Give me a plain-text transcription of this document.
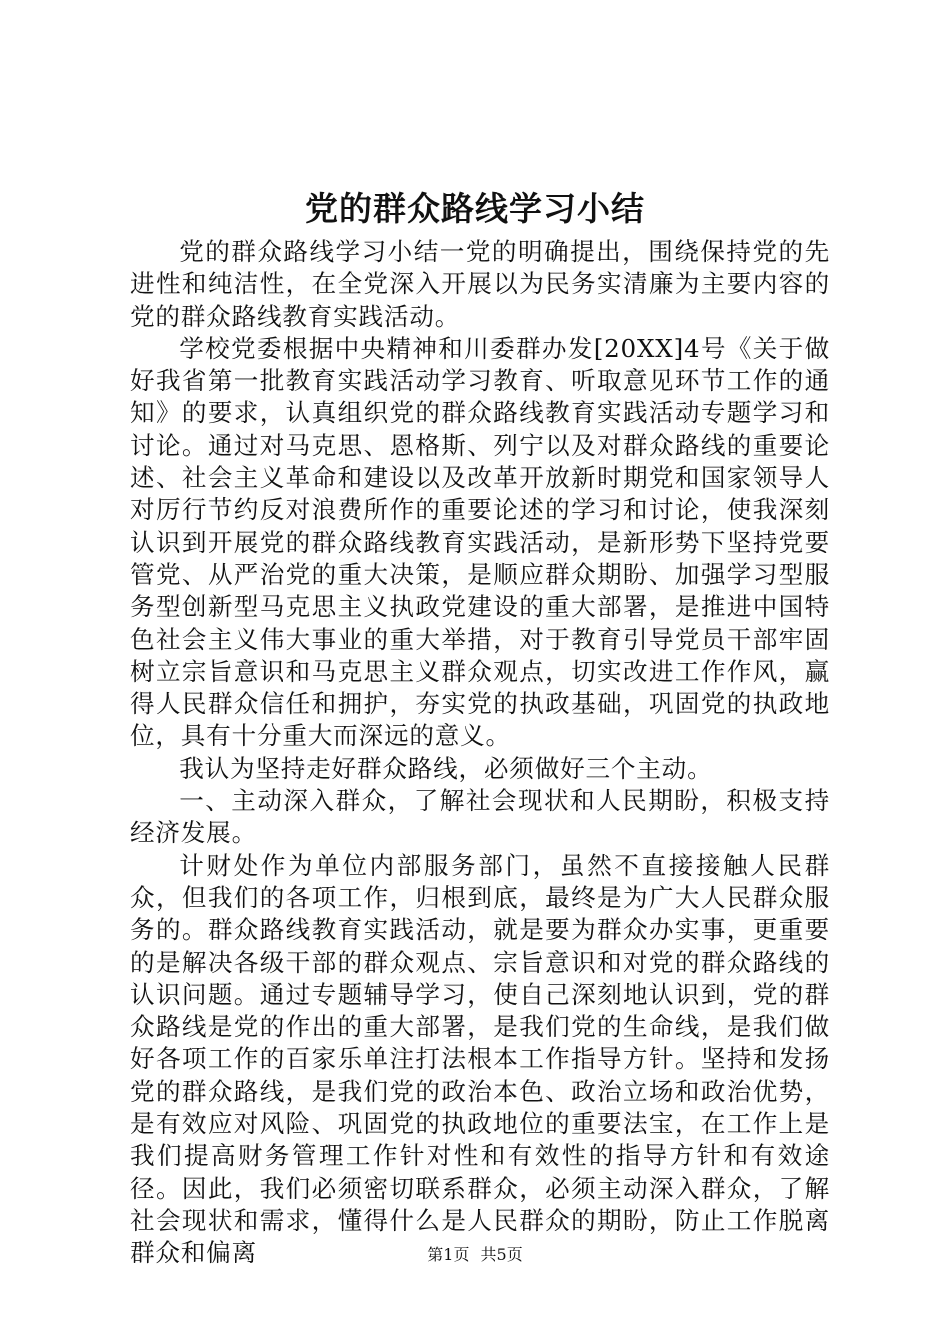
党的群众路线学习小结

党的群众路线学习小结一党的明确提出，围绕保持党的先进性和纯洁性，在全党深入开展以为民务实清廉为主要内容的党的群众路线教育实践活动。

学校党委根据中央精神和川委群办发[20XX]4号《关于做好我省第一批教育实践活动学习教育、听取意见环节工作的通知》的要求，认真组织党的群众路线教育实践活动专题学习和讨论。通过对马克思、恩格斯、列宁以及对群众路线的重要论述、社会主义革命和建设以及改革开放新时期党和国家领导人对厉行节约反对浪费所作的重要论述的学习和讨论，使我深刻认识到开展党的群众路线教育实践活动，是新形势下坚持党要管党、从严治党的重大决策，是顺应群众期盼、加强学习型服务型创新型马克思主义执政党建设的重大部署，是推进中国特色社会主义伟大事业的重大举措，对于教育引导党员干部牢固树立宗旨意识和马克思主义群众观点，切实改进工作作风，赢得人民群众信任和拥护，夯实党的执政基础，巩固党的执政地位，具有十分重大而深远的意义。

我认为坚持走好群众路线，必须做好三个主动。

一、主动深入群众，了解社会现状和人民期盼，积极支持经济发展。

计财处作为单位内部服务部门，虽然不直接接触人民群众，但我们的各项工作，归根到底，最终是为广大人民群众服务的。群众路线教育实践活动，就是要为群众办实事，更重要的是解决各级干部的群众观点、宗旨意识和对党的群众路线的认识问题。通过专题辅导学习，使自己深刻地认识到，党的群众路线是党的作出的重大部署，是我们党的生命线，是我们做好各项工作的百家乐单注打法根本工作指导方针。坚持和发扬党的群众路线，是我们党的政治本色、政治立场和政治优势，是有效应对风险、巩固党的执政地位的重要法宝，在工作上是我们提高财务管理工作针对性和有效性的指导方针和有效途径。因此，我们必须密切联系群众，必须主动深入群众，了解社会现状和需求，懂得什么是人民群众的期盼，防止工作脱离群众和偏离	第1页 共5页
